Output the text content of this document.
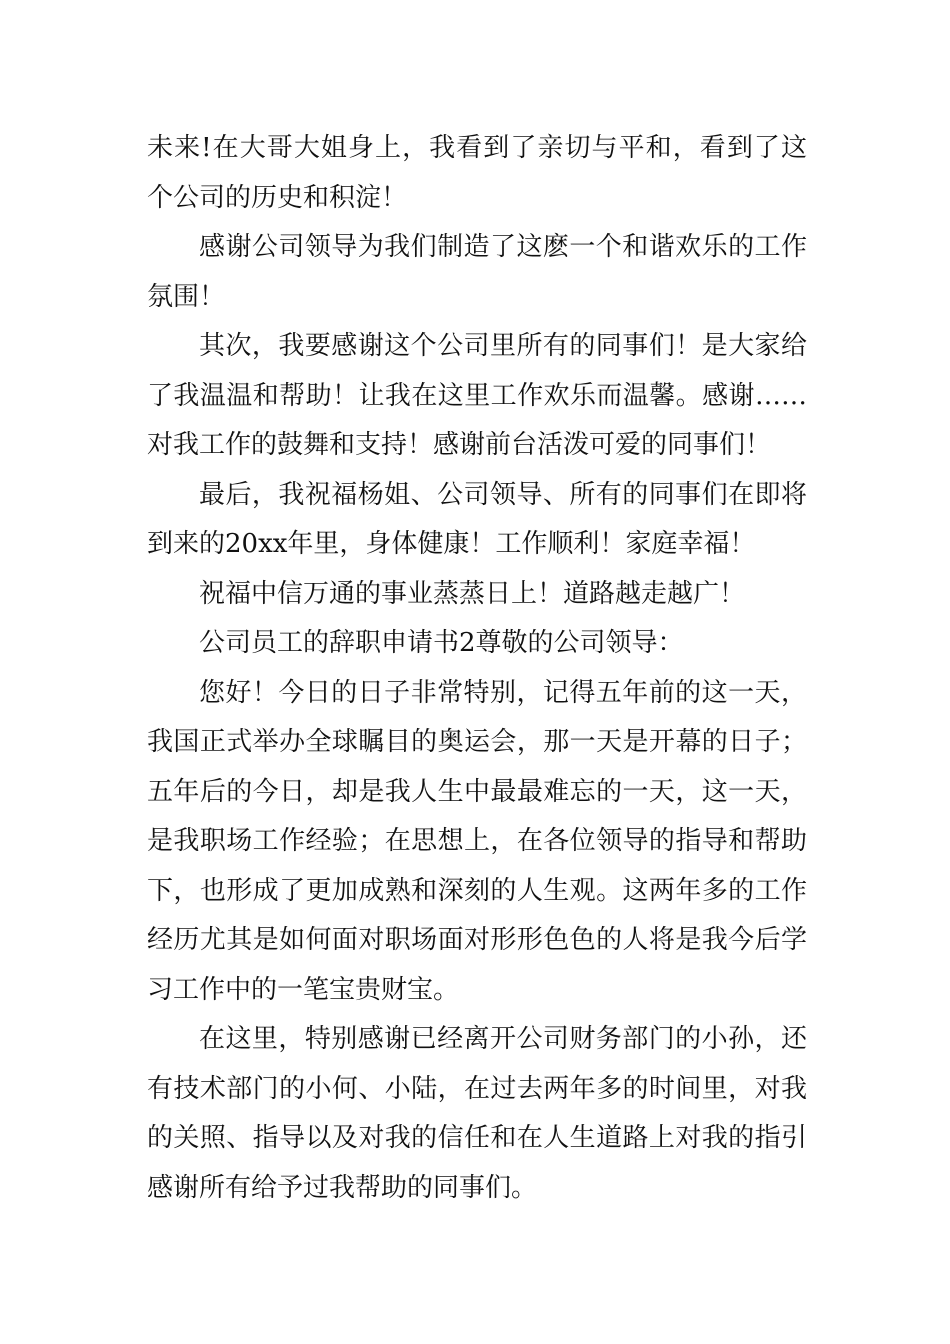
未来!在大哥大姐身上，我看到了亲切与平和，看到了这个公司的历史和积淀！

感谢公司领导为我们制造了这麽一个和谐欢乐的工作氛围！

其次，我要感谢这个公司里所有的同事们！是大家给了我温温和帮助！让我在这里工作欢乐而温馨。感谢……对我工作的鼓舞和支持！感谢前台活泼可爱的同事们！

最后，我祝福杨姐、公司领导、所有的同事们在即将到来的20xx年里，身体健康！工作顺利！家庭幸福！

祝福中信万通的事业蒸蒸日上！道路越走越广！

公司员工的辞职申请书2尊敬的公司领导：

您好！今日的日子非常特别，记得五年前的这一天，我国正式举办全球瞩目的奥运会，那一天是开幕的日子；五年后的今日，却是我人生中最最难忘的一天，这一天，是我职场工作经验；在思想上，在各位领导的指导和帮助下，也形成了更加成熟和深刻的人生观。这两年多的工作经历尤其是如何面对职场面对形形色色的人将是我今后学习工作中的一笔宝贵财宝。

在这里，特别感谢已经离开公司财务部门的小孙，还有技术部门的小何、小陆，在过去两年多的时间里，对我的关照、指导以及对我的信任和在人生道路上对我的指引感谢所有给予过我帮助的同事们。
